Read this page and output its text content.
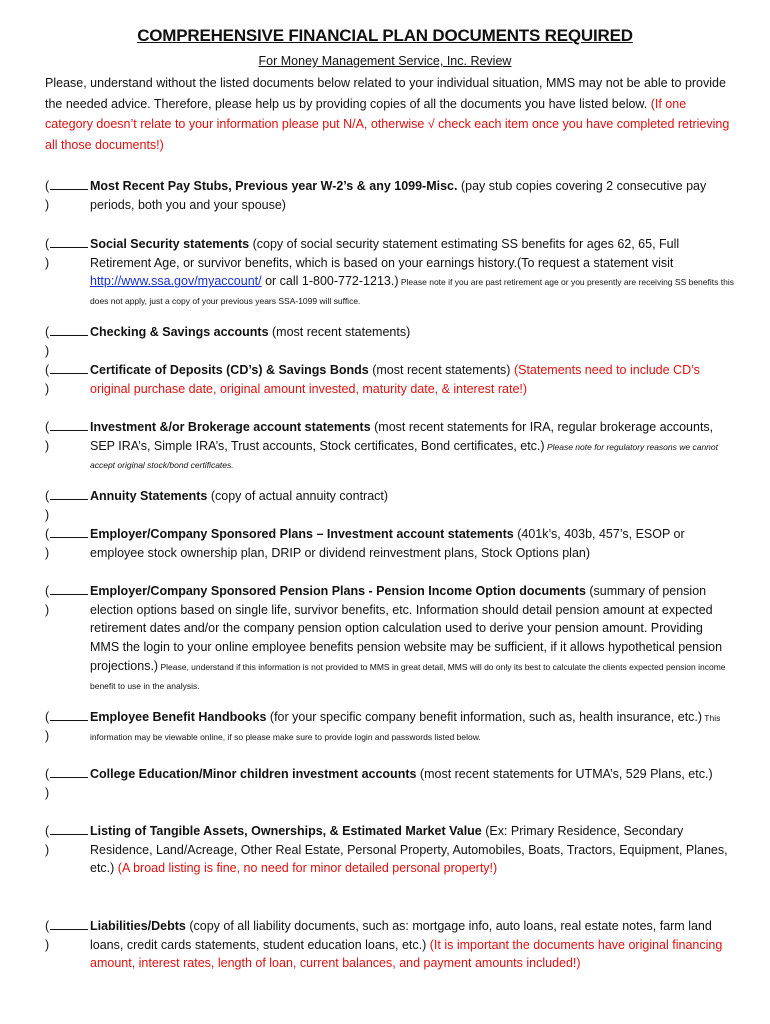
COMPREHENSIVE FINANCIAL PLAN DOCUMENTS REQUIRED
For Money Management Service, Inc. Review
Please, understand without the listed documents below related to your individual situation, MMS may not be able to provide the needed advice. Therefore, please help us by providing copies of all the documents you have listed below. (If one category doesn’t relate to your information please put N/A, otherwise √ check each item once you have completed retrieving all those documents!)
()
Most Recent Pay Stubs, Previous year W-2’s & any 1099-Misc. (pay stub copies covering 2 consecutive pay periods, both you and your spouse)
()
Social Security statements (copy of social security statement estimating SS benefits for ages 62, 65, Full Retirement Age, or survivor benefits, which is based on your earnings history.(To request a statement visit http://www.ssa.gov/myaccount/ or call 1-800-772-1213.) Please note if you are past retirement age or you presently are receiving SS benefits this does not apply, just a copy of your previous years SSA-1099 will suffice.
()
Checking & Savings accounts (most recent statements)
()
Certificate of Deposits (CD’s) & Savings Bonds (most recent statements) (Statements need to include CD’s original purchase date, original amount invested, maturity date, & interest rate!)
()
Investment &/or Brokerage account statements (most recent statements for IRA, regular brokerage accounts, SEP IRA’s, Simple IRA’s, Trust accounts, Stock certificates, Bond certificates, etc.) Please note for regulatory reasons we cannot accept original stock/bond certificates.
()
Annuity Statements (copy of actual annuity contract)
()
Employer/Company Sponsored Plans – Investment account statements (401k’s, 403b, 457’s, ESOP or employee stock ownership plan, DRIP or dividend reinvestment plans, Stock Options plan)
()
Employer/Company Sponsored Pension Plans - Pension Income Option documents (summary of pension election options based on single life, survivor benefits, etc. Information should detail pension amount at expected retirement dates and/or the company pension option calculation used to derive your pension amount. Providing MMS the login to your online employee benefits pension website may be sufficient, if it allows hypothetical pension projections.) Please, understand if this information is not provided to MMS in great detail, MMS will do only its best to calculate the clients expected pension income benefit to use in the analysis.
()
Employee Benefit Handbooks (for your specific company benefit information, such as, health insurance, etc.) This information may be viewable online, if so please make sure to provide login and passwords listed below.
()
College Education/Minor children investment accounts (most recent statements for UTMA’s, 529 Plans, etc.)
()
Listing of Tangible Assets, Ownerships, & Estimated Market Value (Ex: Primary Residence, Secondary Residence, Land/Acreage, Other Real Estate, Personal Property, Automobiles, Boats, Tractors, Equipment, Planes, etc.) (A broad listing is fine, no need for minor detailed personal property!)
()
Liabilities/Debts (copy of all liability documents, such as: mortgage info, auto loans, real estate notes, farm land loans, credit cards statements, student education loans, etc.) (It is important the documents have original financing amount, interest rates, length of loan, current balances, and payment amounts included!)
